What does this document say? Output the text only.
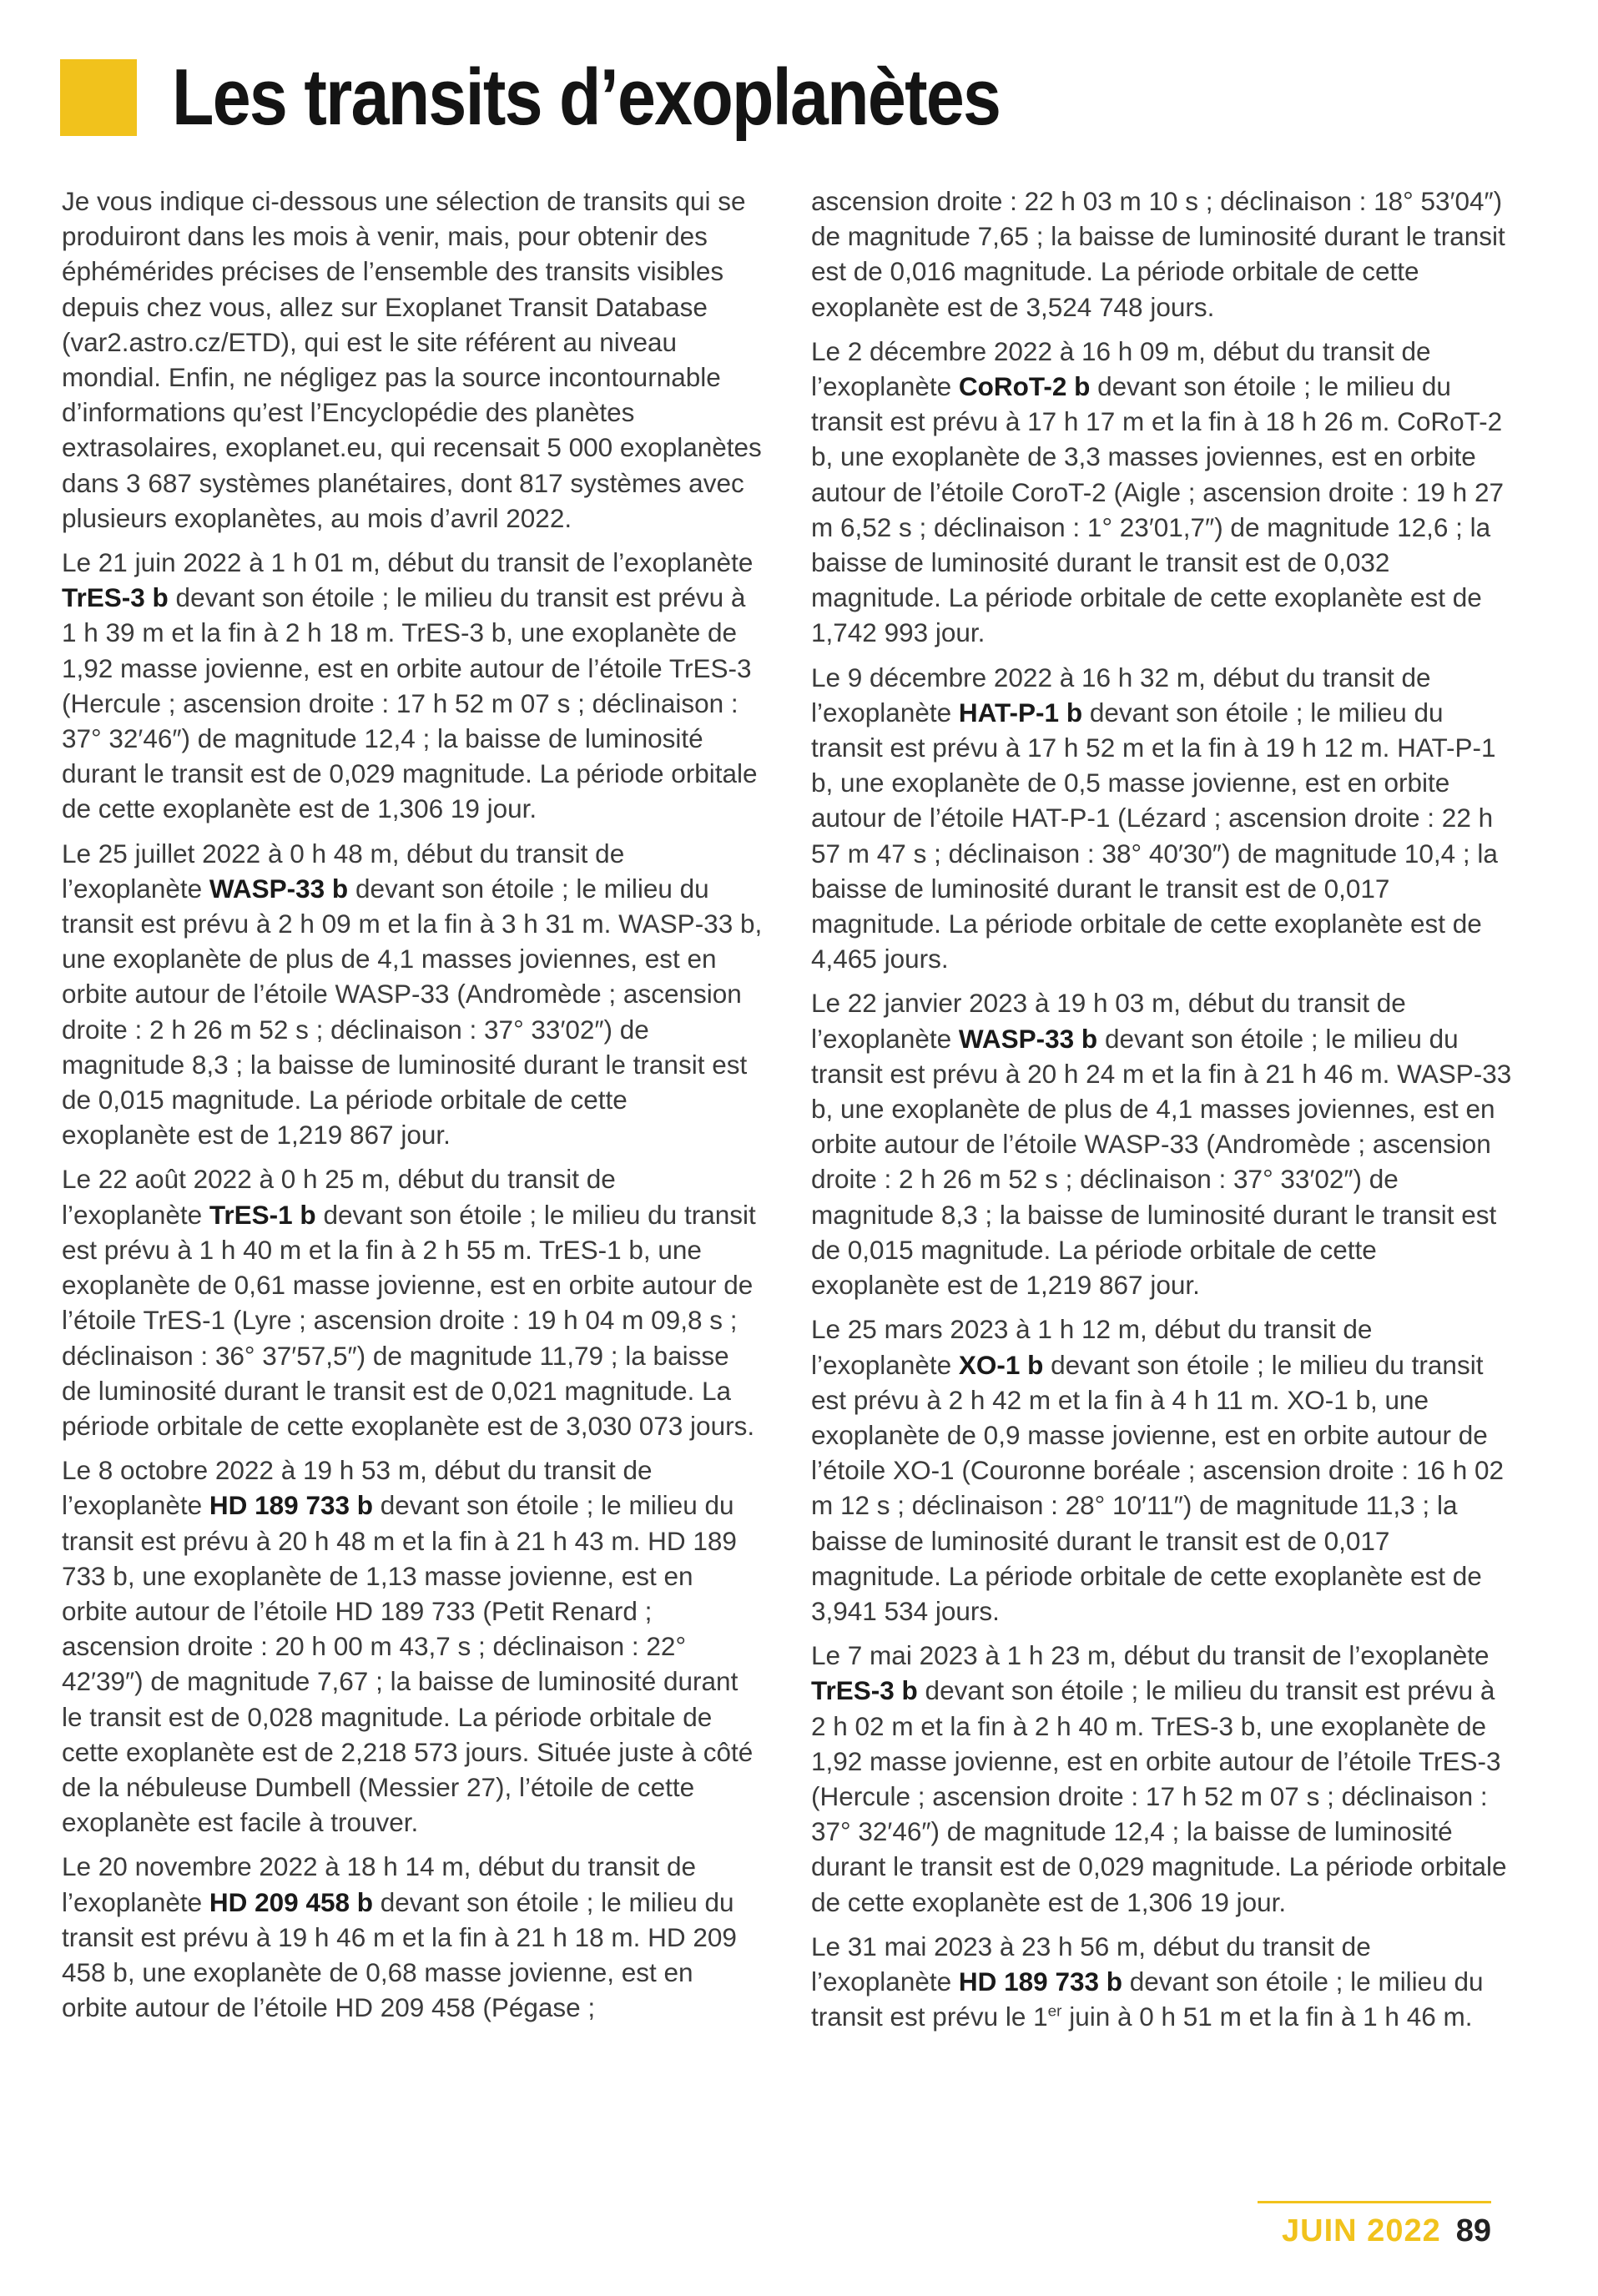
Les transits d’exoplanètes

Je vous indique ci-dessous une sélection de transits qui se produiront dans les mois à venir, mais, pour obtenir des éphémérides précises de l’ensemble des transits visibles depuis chez vous, allez sur Exoplanet Transit Database (var2.astro.cz/ETD), qui est le site référent au niveau mondial. Enfin, ne négligez pas la source incontournable d’informations qu’est l’Encyclopédie des planètes extrasolaires, exoplanet.eu, qui recensait 5 000 exoplanètes dans 3 687 systèmes planétaires, dont 817 systèmes avec plusieurs exoplanètes, au mois d’avril 2022.

Le 21 juin 2022 à 1 h 01 m, début du transit de l’exoplanète TrES-3 b devant son étoile ; le milieu du transit est prévu à 1 h 39 m et la fin à 2 h 18 m. TrES-3 b, une exoplanète de 1,92 masse jovienne, est en orbite autour de l’étoile TrES-3 (Hercule ; ascension droite : 17 h 52 m 07 s ; déclinaison : 37° 32′46″) de magnitude 12,4 ; la baisse de luminosité durant le transit est de 0,029 magnitude. La période orbitale de cette exoplanète est de 1,306 19 jour.

Le 25 juillet 2022 à 0 h 48 m, début du transit de l’exoplanète WASP-33 b devant son étoile ; le milieu du transit est prévu à 2 h 09 m et la fin à 3 h 31 m. WASP-33 b, une exoplanète de plus de 4,1 masses joviennes, est en orbite autour de l’étoile WASP-33 (Andromède ; ascension droite : 2 h 26 m 52 s ; déclinaison : 37° 33′02″) de magnitude 8,3 ; la baisse de luminosité durant le transit est de 0,015 magnitude. La période orbitale de cette exoplanète est de 1,219 867 jour.

Le 22 août 2022 à 0 h 25 m, début du transit de l’exoplanète TrES-1 b devant son étoile ; le milieu du transit est prévu à 1 h 40 m et la fin à 2 h 55 m. TrES-1 b, une exoplanète de 0,61 masse jovienne, est en orbite autour de l’étoile TrES-1 (Lyre ; ascension droite : 19 h 04 m 09,8 s ; déclinaison : 36° 37′57,5″) de magnitude 11,79 ; la baisse de luminosité durant le transit est de 0,021 magnitude. La période orbitale de cette exoplanète est de 3,030 073 jours.

Le 8 octobre 2022 à 19 h 53 m, début du transit de l’exoplanète HD 189 733 b devant son étoile ; le milieu du transit est prévu à 20 h 48 m et la fin à 21 h 43 m. HD 189 733 b, une exoplanète de 1,13 masse jovienne, est en orbite autour de l’étoile HD 189 733 (Petit Renard ; ascension droite : 20 h 00 m 43,7 s ; déclinaison : 22° 42′39″) de magnitude 7,67 ; la baisse de luminosité durant le transit est de 0,028 magnitude. La période orbitale de cette exoplanète est de 2,218 573 jours. Située juste à côté de la nébuleuse Dumbell (Messier 27), l’étoile de cette exoplanète est facile à trouver.

Le 20 novembre 2022 à 18 h 14 m, début du transit de l’exoplanète HD 209 458 b devant son étoile ; le milieu du transit est prévu à 19 h 46 m et la fin à 21 h 18 m. HD 209 458 b, une exoplanète de 0,68 masse jovienne, est en orbite autour de l’étoile HD 209 458 (Pégase ;

ascension droite : 22 h 03 m 10 s ; déclinaison : 18° 53′04″) de magnitude 7,65 ; la baisse de luminosité durant le transit est de 0,016 magnitude. La période orbitale de cette exoplanète est de 3,524 748 jours.

Le 2 décembre 2022 à 16 h 09 m, début du transit de l’exoplanète CoRoT-2 b devant son étoile ; le milieu du transit est prévu à 17 h 17 m et la fin à 18 h 26 m. CoRoT-2 b, une exoplanète de 3,3 masses joviennes, est en orbite autour de l’étoile CoroT-2 (Aigle ; ascension droite : 19 h 27 m 6,52 s ; déclinaison : 1° 23′01,7″) de magnitude 12,6 ; la baisse de luminosité durant le transit est de 0,032 magnitude. La période orbitale de cette exoplanète est de 1,742 993 jour.

Le 9 décembre 2022 à 16 h 32 m, début du transit de l’exoplanète HAT-P-1 b devant son étoile ; le milieu du transit est prévu à 17 h 52 m et la fin à 19 h 12 m. HAT-P-1 b, une exoplanète de 0,5 masse jovienne, est en orbite autour de l’étoile HAT-P-1 (Lézard ; ascension droite : 22 h 57 m 47 s ; déclinaison : 38° 40′30″) de magnitude 10,4 ; la baisse de luminosité durant le transit est de 0,017 magnitude. La période orbitale de cette exoplanète est de 4,465 jours.

Le 22 janvier 2023 à 19 h 03 m, début du transit de l’exoplanète WASP-33 b devant son étoile ; le milieu du transit est prévu à 20 h 24 m et la fin à 21 h 46 m. WASP-33 b, une exoplanète de plus de 4,1 masses joviennes, est en orbite autour de l’étoile WASP-33 (Andromède ; ascension droite : 2 h 26 m 52 s ; déclinaison : 37° 33′02″) de magnitude 8,3 ; la baisse de luminosité durant le transit est de 0,015 magnitude. La période orbitale de cette exoplanète est de 1,219 867 jour.

Le 25 mars 2023 à 1 h 12 m, début du transit de l’exoplanète XO-1 b devant son étoile ; le milieu du transit est prévu à 2 h 42 m et la fin à 4 h 11 m. XO-1 b, une exoplanète de 0,9 masse jovienne, est en orbite autour de l’étoile XO-1 (Couronne boréale ; ascension droite : 16 h 02 m 12 s ; déclinaison : 28° 10′11″) de magnitude 11,3 ; la baisse de luminosité durant le transit est de 0,017 magnitude. La période orbitale de cette exoplanète est de 3,941 534 jours.

Le 7 mai 2023 à 1 h 23 m, début du transit de l’exoplanète TrES-3 b devant son étoile ; le milieu du transit est prévu à 2 h 02 m et la fin à 2 h 40 m. TrES-3 b, une exoplanète de 1,92 masse jovienne, est en orbite autour de l’étoile TrES-3 (Hercule ; ascension droite : 17 h 52 m 07 s ; déclinaison : 37° 32′46″) de magnitude 12,4 ; la baisse de luminosité durant le transit est de 0,029 magnitude. La période orbitale de cette exoplanète est de 1,306 19 jour.

Le 31 mai 2023 à 23 h 56 m, début du transit de l’exoplanète HD 189 733 b devant son étoile ; le milieu du transit est prévu le 1er juin à 0 h 51 m et la fin à 1 h 46 m.

JUIN 2022 89
